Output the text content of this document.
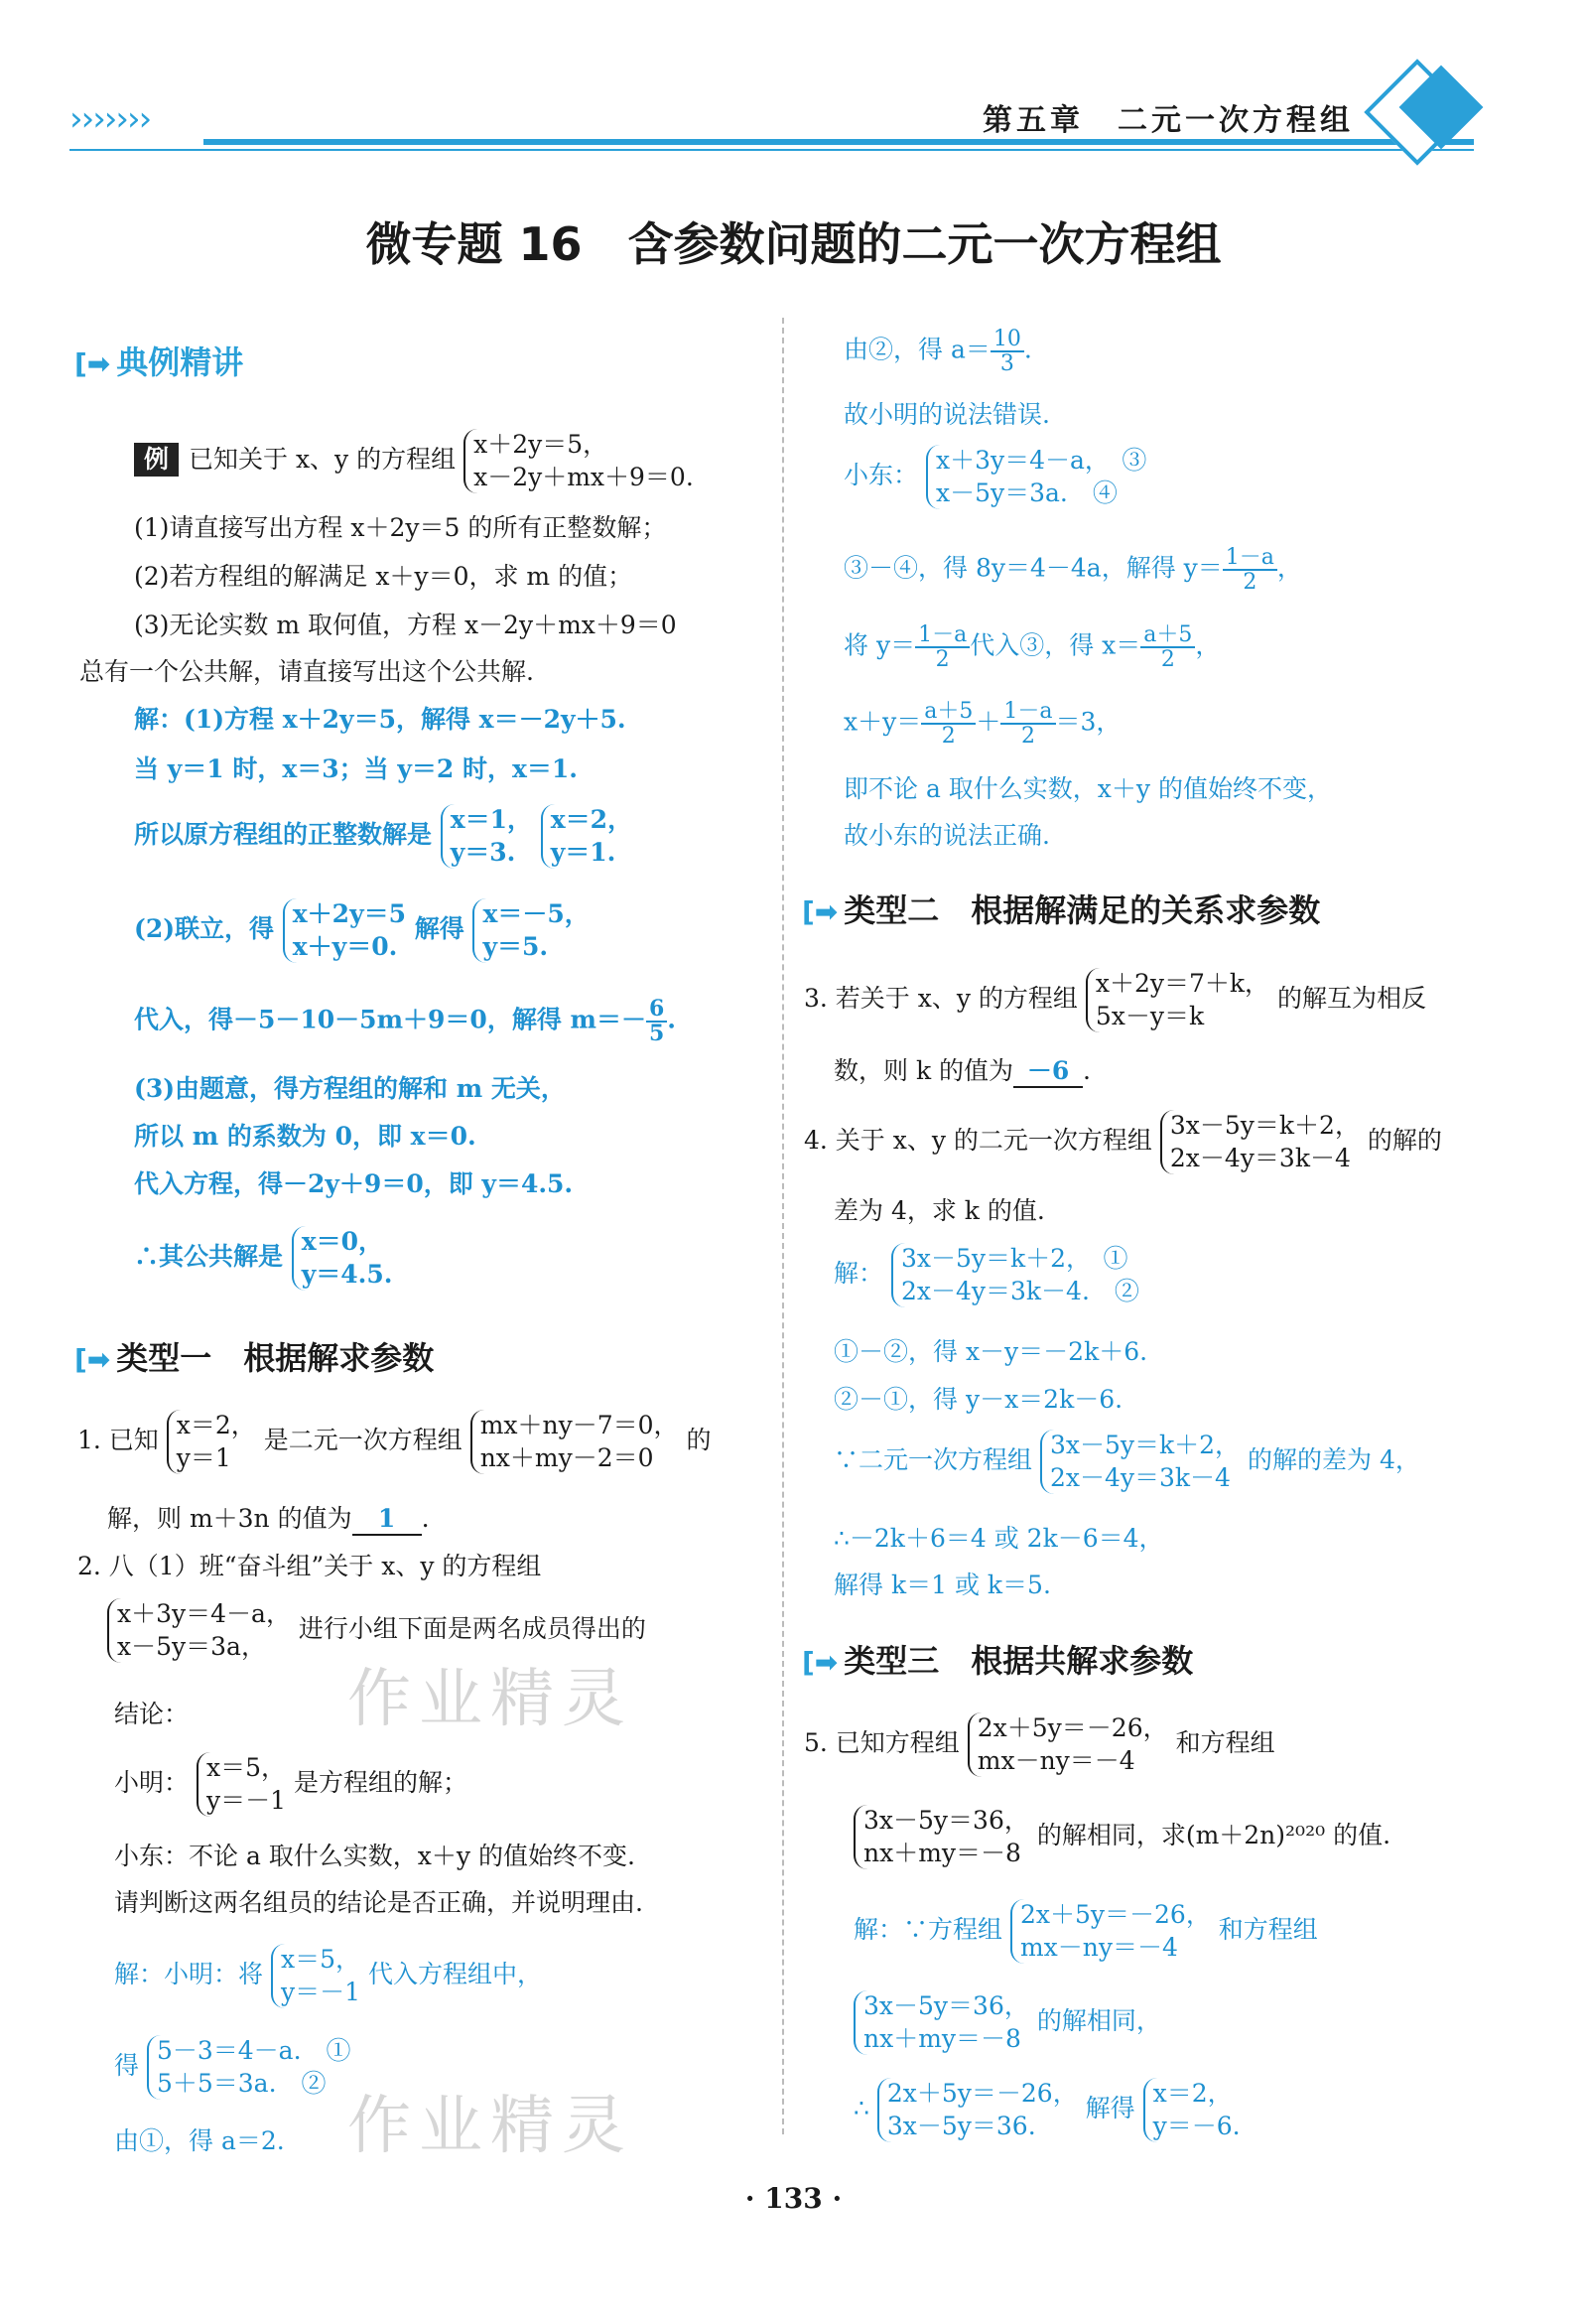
›››››››	第五章　二元一次方程组
微专题 16　含参数问题的二元一次方程组
作业精灵
作业精灵
[➡ 典例精讲
例 已知关于 x、y 的方程组
x＋2y＝5，
x－2y＋mx＋9＝0.
(1)请直接写出方程 x＋2y＝5 的所有正整数解；
(2)若方程组的解满足 x＋y＝0，求 m 的值；
(3)无论实数 m 取何值，方程 x－2y＋mx＋9＝0
总有一个公共解，请直接写出这个公共解.
解：(1)方程 x＋2y＝5，解得 x＝－2y＋5.
当 y＝1 时，x＝3；当 y＝2 时，x＝1.
所以原方程组的正整数解是
x＝1，
y＝3.

x＝2，
y＝1.
(2)联立，得
x＋2y＝5
x＋y＝0.
解得
x＝－5，
y＝5.
代入，得－5－10－5m＋9＝0，解得 $m=- \frac{6}{5}$ .
(3)由题意，得方程组的解和 m 无关，
所以 m 的系数为 0，即 x＝0.
代入方程，得－2y＋9＝0，即 y＝4.5.
∴其公共解是
x＝0，
y＝4.5.
[➡ 类型一　根据解求参数
1. 已知
x＝2，
y＝1
是二元一次方程组
mx＋ny－7＝0，
nx＋my－2＝0
的
解，则 m＋3n 的值为 1 .
2. 八（1）班“奋斗组”关于 x、y 的方程组
x＋3y＝4－a，
x－5y＝3a，
进行小组下面是两名成员得出的
结论：
小明：
x＝5，
y＝－1
是方程组的解；
小东：不论 a 取什么实数，x＋y 的值始终不变.
请判断这两名组员的结论是否正确，并说明理由.
解：小明：将
x＝5，
y＝－1
代入方程组中，
得
5－3＝4－a.　①
5＋5＝3a.　②
由①，得 a＝2.
由②，得 $a= \frac{10}{3}$ .
故小明的说法错误.
小东：
x＋3y＝4－a，　③
x－5y＝3a.　④
③－④，得 8y＝4－4a，解得 $y= \frac{1-a}{2}$ ，
将 $y= \frac{1-a}{2}$ 代入③，得 $x= \frac{a+5}{2}$ ，
$x+y= \frac{a+5}{2} + \frac{1-a}{2} =3$，
即不论 a 取什么实数，x＋y 的值始终不变，
故小东的说法正确.
[➡ 类型二　根据解满足的关系求参数
3. 若关于 x、y 的方程组
x＋2y＝7＋k，
5x－y＝k
的解互为相反
数，则 k 的值为 －6 .
4. 关于 x、y 的二元一次方程组
3x－5y＝k＋2，
2x－4y＝3k－4
的解的
差为 4，求 k 的值.
解：
3x－5y＝k＋2，　①
2x－4y＝3k－4.　②
①－②，得 x－y＝－2k＋6.
②－①，得 y－x＝2k－6.
∵二元一次方程组
3x－5y＝k＋2，
2x－4y＝3k－4
的解的差为 4，
∴－2k＋6＝4 或 2k－6＝4，
解得 k＝1 或 k＝5.
[➡ 类型三　根据共解求参数
5. 已知方程组
2x＋5y＝－26，
mx－ny＝－4
和方程组
3x－5y＝36，
nx＋my＝－8
的解相同，求(m＋2n)²⁰²⁰ 的值.
解：∵方程组
2x＋5y＝－26，
mx－ny＝－4
和方程组
3x－5y＝36，
nx＋my＝－8
的解相同，
∴
2x＋5y＝－26，
3x－5y＝36.
解得
x＝2，
y＝－6.
· 133 ·
